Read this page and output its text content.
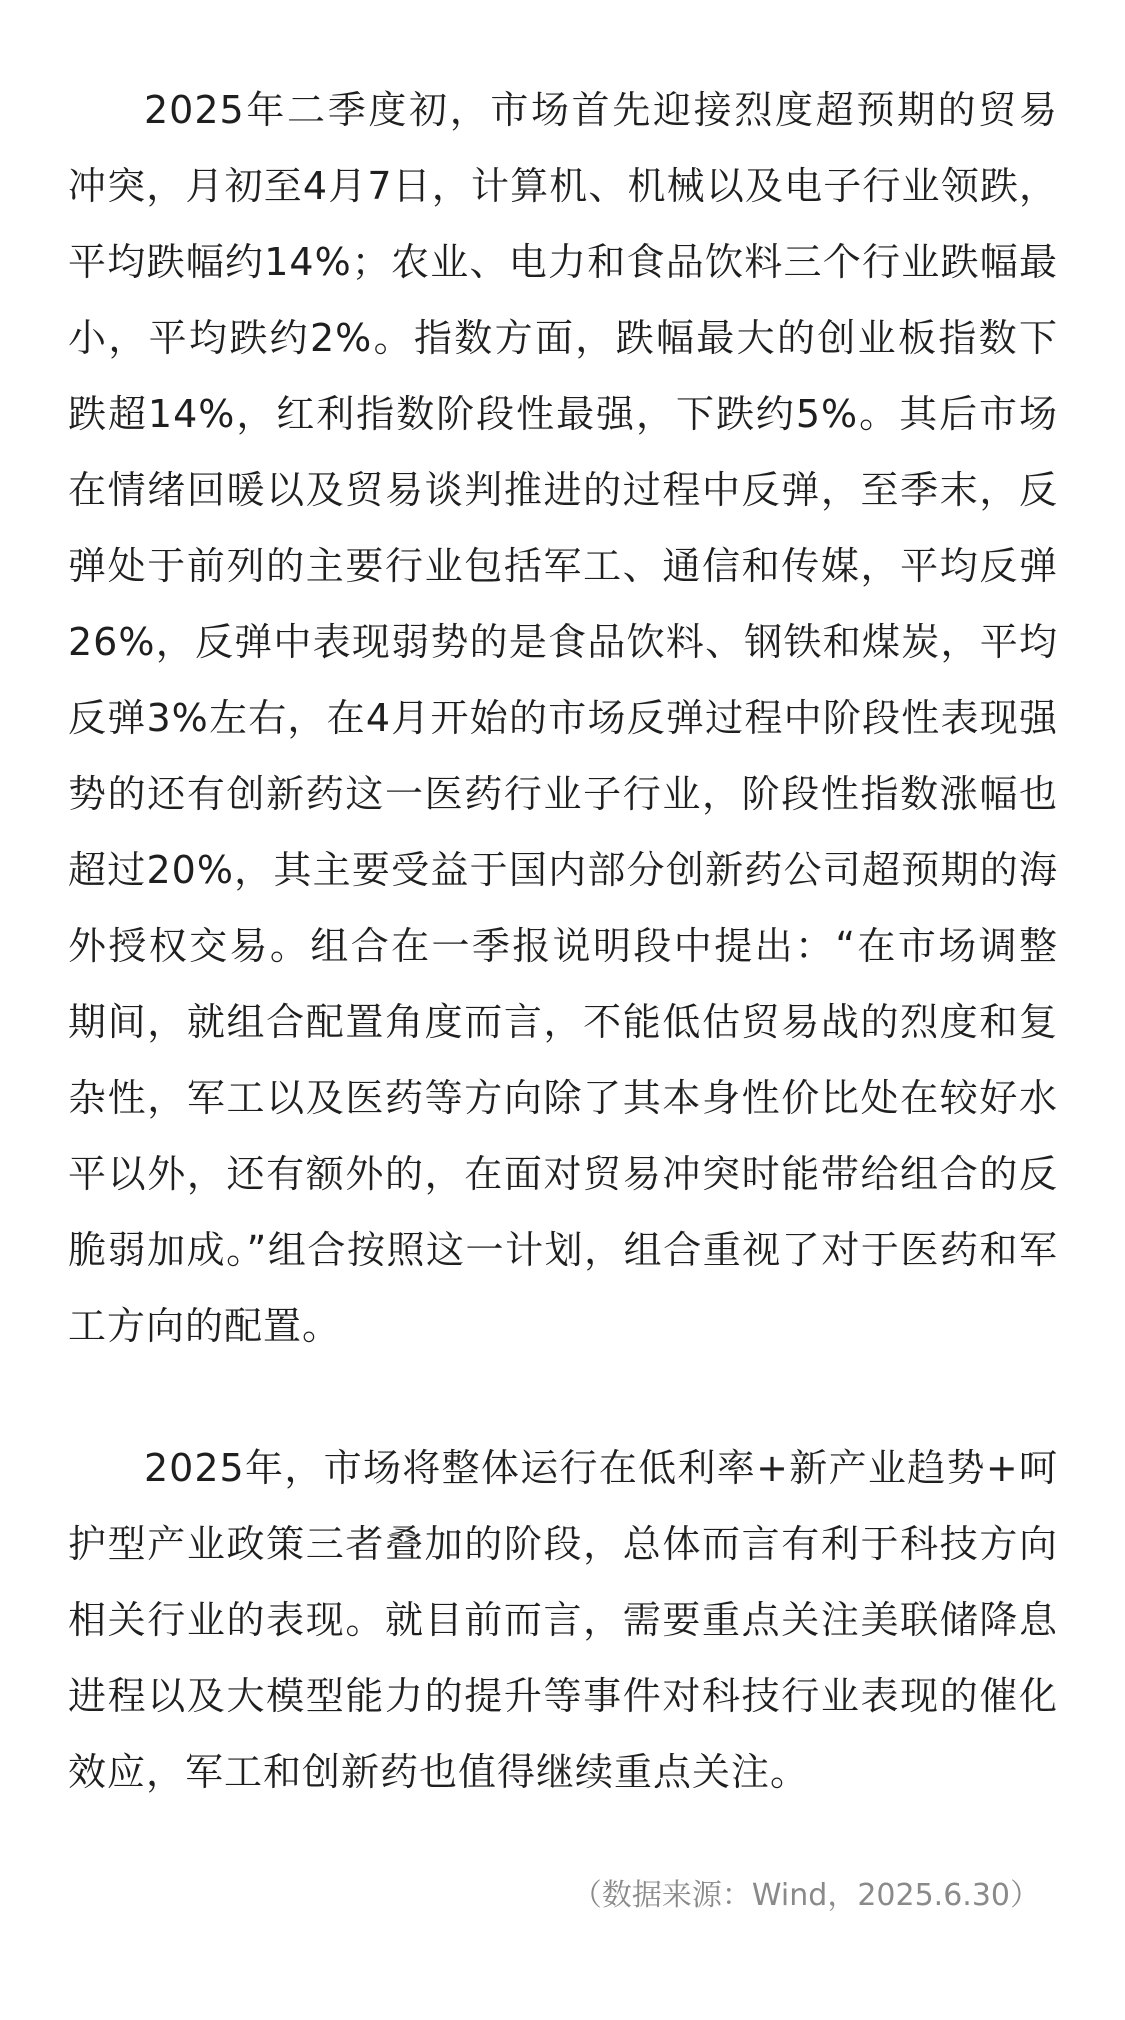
2025年二季度初，市场首先迎接烈度超预期的贸易冲突，月初至4月7日，计算机、机械以及电子行业领跌，平均跌幅约14%；农业、电力和食品饮料三个行业跌幅最小，平均跌约2%。指数方面，跌幅最大的创业板指数下跌超14%，红利指数阶段性最强，下跌约5%。其后市场在情绪回暖以及贸易谈判推进的过程中反弹，至季末，反弹处于前列的主要行业包括军工、通信和传媒，平均反弹26%，反弹中表现弱势的是食品饮料、钢铁和煤炭，平均反弹3%左右，在4月开始的市场反弹过程中阶段性表现强势的还有创新药这一医药行业子行业，阶段性指数涨幅也超过20%，其主要受益于国内部分创新药公司超预期的海外授权交易。组合在一季报说明段中提出：“在市场调整期间，就组合配置角度而言，不能低估贸易战的烈度和复杂性，军工以及医药等方向除了其本身性价比处在较好水平以外，还有额外的，在面对贸易冲突时能带给组合的反脆弱加成。”组合按照这一计划，组合重视了对于医药和军工方向的配置。

2025年，市场将整体运行在低利率+新产业趋势+呵护型产业政策三者叠加的阶段，总体而言有利于科技方向相关行业的表现。就目前而言，需要重点关注美联储降息进程以及大模型能力的提升等事件对科技行业表现的催化效应，军工和创新药也值得继续重点关注。

（数据来源：Wind，2025.6.30）
